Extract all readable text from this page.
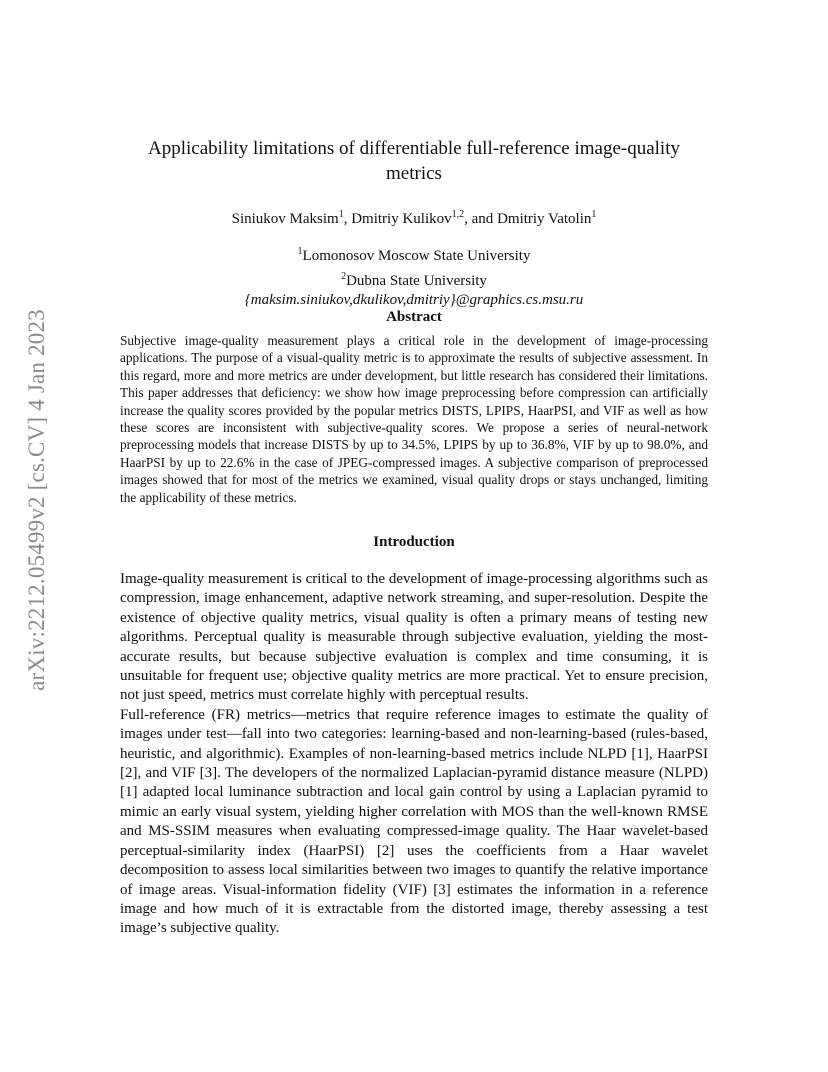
arXiv:2212.05499v2 [cs.CV] 4 Jan 2023
Applicability limitations of differentiable full-reference image-quality metrics
Siniukov Maksim$^1$, Dmitriy Kulikov$^{1,2}$, and Dmitriy Vatolin$^1$
$^1$Lomonosov Moscow State University
$^2$Dubna State University
{maksim.siniukov,dkulikov,dmitriy}@graphics.cs.msu.ru
Abstract
Subjective image-quality measurement plays a critical role in the development of image-processing applications. The purpose of a visual-quality metric is to approximate the results of subjective assessment. In this regard, more and more metrics are under development, but little research has considered their limitations. This paper addresses that deficiency: we show how image preprocessing before compression can artificially increase the quality scores provided by the popular metrics DISTS, LPIPS, HaarPSI, and VIF as well as how these scores are inconsistent with subjective-quality scores. We propose a series of neural-network preprocessing models that increase DISTS by up to 34.5%, LPIPS by up to 36.8%, VIF by up to 98.0%, and HaarPSI by up to 22.6% in the case of JPEG-compressed images. A subjective comparison of preprocessed images showed that for most of the metrics we examined, visual quality drops or stays unchanged, limiting the applicability of these metrics.
Introduction

Image-quality measurement is critical to the development of image-processing algorithms such as compression, image enhancement, adaptive network streaming, and super-resolution. Despite the existence of objective quality metrics, visual quality is often a primary means of testing new algorithms. Perceptual quality is measurable through subjective evaluation, yielding the most-accurate results, but because subjective evaluation is complex and time consuming, it is unsuitable for frequent use; objective quality metrics are more practical. Yet to ensure precision, not just speed, metrics must correlate highly with perceptual results.

Full-reference (FR) metrics—metrics that require reference images to estimate the quality of images under test—fall into two categories: learning-based and non-learning-based (rules-based, heuristic, and algorithmic). Examples of non-learning-based metrics include NLPD [1], HaarPSI [2], and VIF [3]. The developers of the normalized Laplacian-pyramid distance measure (NLPD) [1] adapted local luminance subtraction and local gain control by using a Laplacian pyramid to mimic an early visual system, yielding higher correlation with MOS than the well-known RMSE and MS-SSIM measures when evaluating compressed-image quality. The Haar wavelet-based perceptual-similarity index (HaarPSI) [2] uses the coefficients from a Haar wavelet decomposition to assess local similarities between two images to quantify the relative importance of image areas. Visual-information fidelity (VIF) [3] estimates the information in a reference image and how much of it is extractable from the distorted image, thereby assessing a test image’s subjective quality.
